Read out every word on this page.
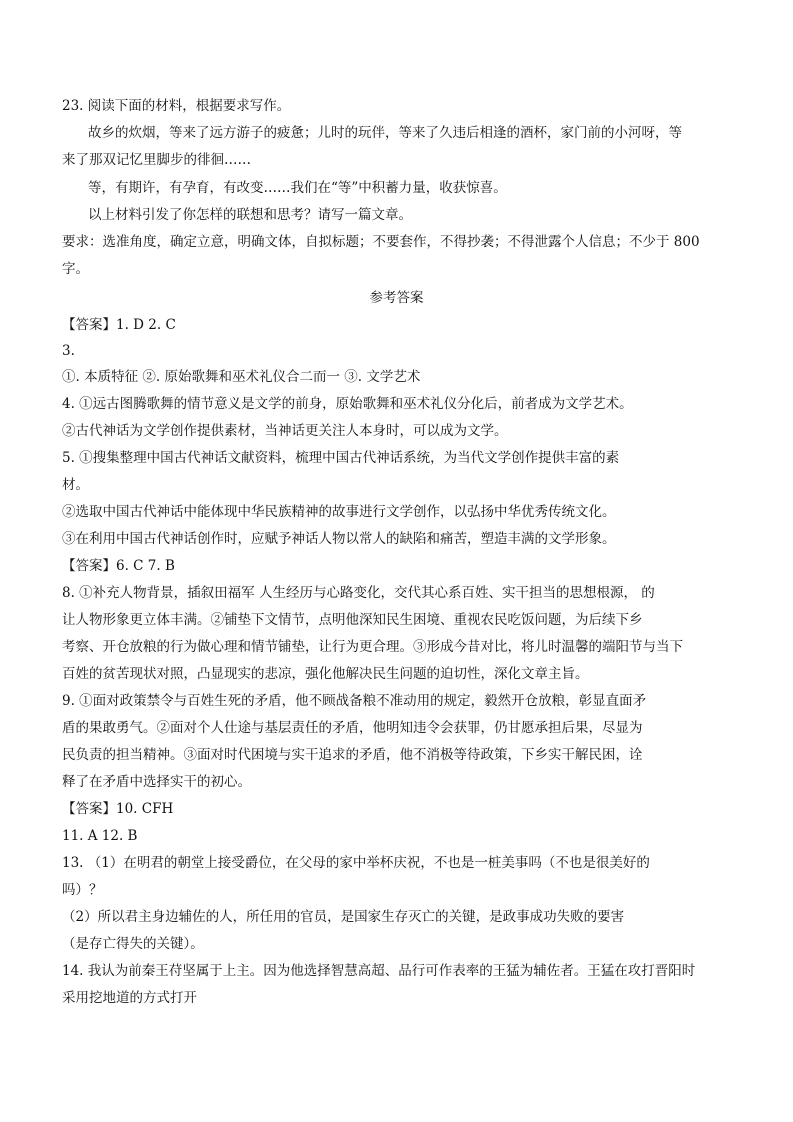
23. 阅读下面的材料，根据要求写作。
故乡的炊烟，等来了远方游子的疲惫；儿时的玩伴，等来了久违后相逢的酒杯，家门前的小河呀，等
来了那双记忆里脚步的徘徊……
等，有期许，有孕育，有改变……我们在“等”中积蓄力量，收获惊喜。
以上材料引发了你怎样的联想和思考？请写一篇文章。
要求：选准角度，确定立意，明确文体，自拟标题；不要套作，不得抄袭；不得泄露个人信息；不少于 800
字。
参考答案
【答案】1. D 2. C
3.
①. 本质特征 ②. 原始歌舞和巫术礼仪合二而一 ③. 文学艺术
4. ①远古图腾歌舞的情节意义是文学的前身，原始歌舞和巫术礼仪分化后，前者成为文学艺术。
②古代神话为文学创作提供素材，当神话更关注人本身时，可以成为文学。
5. ①搜集整理中国古代神话文献资料，梳理中国古代神话系统，为当代文学创作提供丰富的素
材。
②选取中国古代神话中能体现中华民族精神的故事进行文学创作，以弘扬中华优秀传统文化。
③在利用中国古代神话创作时，应赋予神话人物以常人的缺陷和痛苦，塑造丰满的文学形象。
【答案】6. C 7. B
8. ①补充人物背景，插叙田福军 人生经历与心路变化，交代其心系百姓、实干担当的思想根源， 的
让人物形象更立体丰满。②铺垫下文情节，点明他深知民生困境、重视农民吃饭问题，为后续下乡
考察、开仓放粮的行为做心理和情节铺垫，让行为更合理。③形成今昔对比，将儿时温馨的端阳节与当下
百姓的贫苦现状对照，凸显现实的悲凉，强化他解决民生问题的迫切性，深化文章主旨。
9. ①面对政策禁令与百姓生死的矛盾，他不顾战备粮不准动用的规定，毅然开仓放粮，彰显直面矛
盾的果敢勇气。②面对个人仕途与基层责任的矛盾，他明知违令会获罪，仍甘愿承担后果，尽显为
民负责的担当精神。③面对时代困境与实干追求的矛盾，他不消极等待政策，下乡实干解民困，诠
释了在矛盾中选择实干的初心。
【答案】10. CFH
11. A 12. B
13. （1）在明君的朝堂上接受爵位，在父母的家中举杯庆祝，不也是一桩美事吗（不也是很美好的
吗）？
（2）所以君主身边辅佐的人，所任用的官员，是国家生存灭亡的关键，是政事成功失败的要害
（是存亡得失的关键）。
14. 我认为前秦王苻坚属于上主。因为他选择智慧高超、品行可作表率的王猛为辅佐者。王猛在攻打晋阳时
采用挖地道的方式打开
